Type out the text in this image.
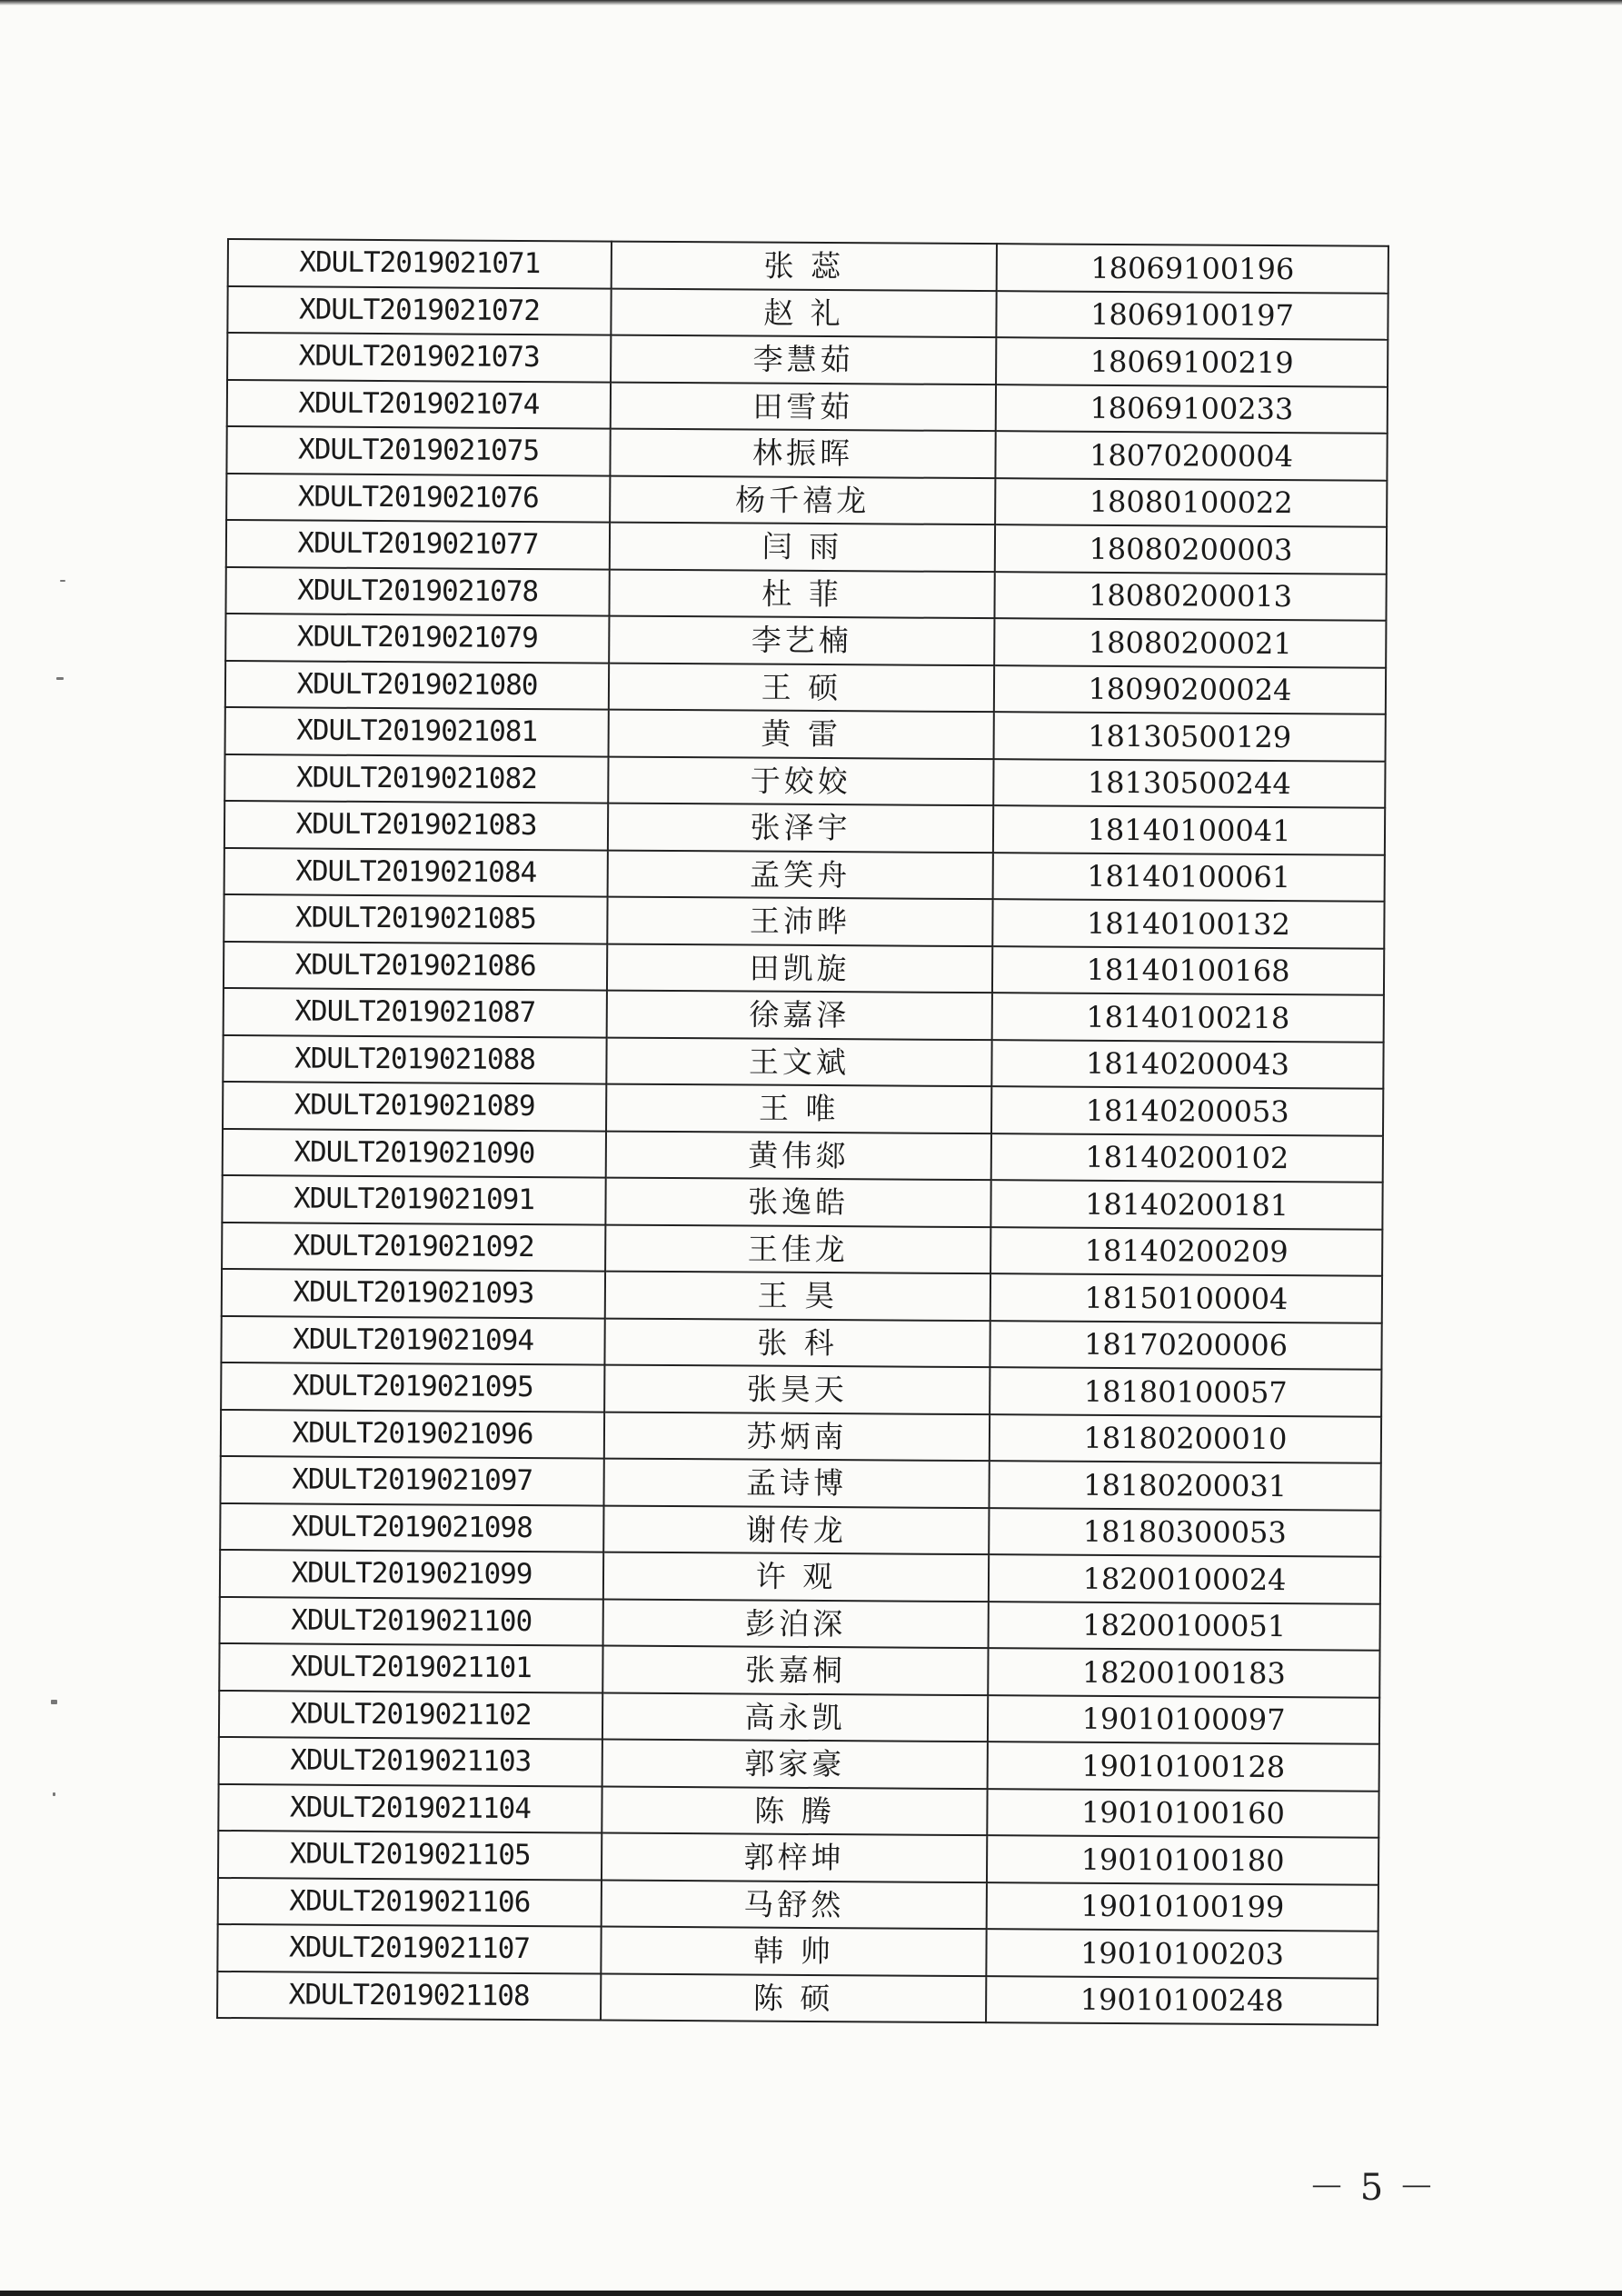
XDULT2019021071	张 蕊	18069100196
XDULT2019021072	赵 礼	18069100197
XDULT2019021073	李慧茹	18069100219
XDULT2019021074	田雪茹	18069100233
XDULT2019021075	林振晖	18070200004
XDULT2019021076	杨千禧龙	18080100022
XDULT2019021077	闫 雨	18080200003
XDULT2019021078	杜 菲	18080200013
XDULT2019021079	李艺楠	18080200021
XDULT2019021080	王 硕	18090200024
XDULT2019021081	黄 雷	18130500129
XDULT2019021082	于姣姣	18130500244
XDULT2019021083	张泽宇	18140100041
XDULT2019021084	孟笑舟	18140100061
XDULT2019021085	王沛晔	18140100132
XDULT2019021086	田凯旋	18140100168
XDULT2019021087	徐嘉泽	18140100218
XDULT2019021088	王文斌	18140200043
XDULT2019021089	王 唯	18140200053
XDULT2019021090	黄伟郯	18140200102
XDULT2019021091	张逸皓	18140200181
XDULT2019021092	王佳龙	18140200209
XDULT2019021093	王 昊	18150100004
XDULT2019021094	张 科	18170200006
XDULT2019021095	张昊天	18180100057
XDULT2019021096	苏炳南	18180200010
XDULT2019021097	孟诗博	18180200031
XDULT2019021098	谢传龙	18180300053
XDULT2019021099	许 观	18200100024
XDULT2019021100	彭泊深	18200100051
XDULT2019021101	张嘉桐	18200100183
XDULT2019021102	高永凯	19010100097
XDULT2019021103	郭家豪	19010100128
XDULT2019021104	陈 腾	19010100160
XDULT2019021105	郭梓坤	19010100180
XDULT2019021106	马舒然	19010100199
XDULT2019021107	韩 帅	19010100203
XDULT2019021108	陈 硕	19010100248
－ 5 －
